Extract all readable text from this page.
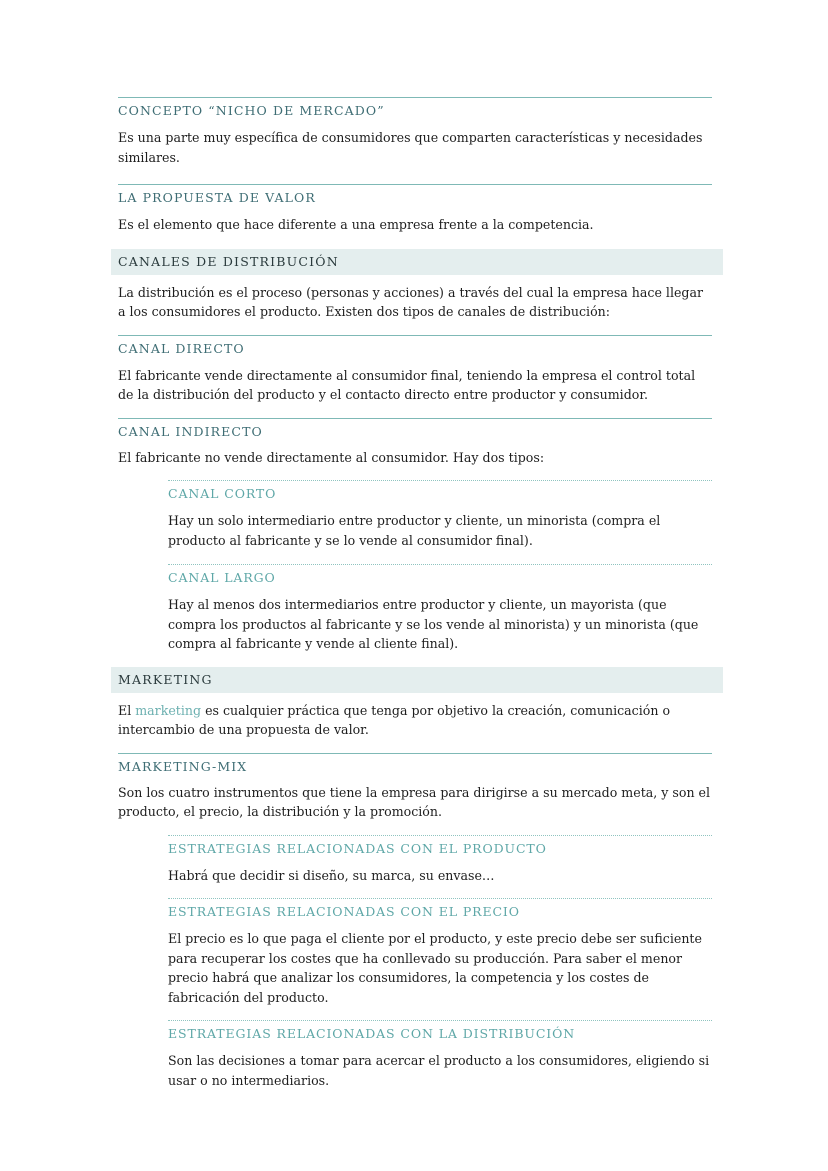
CONCEPTO “NICHO DE MERCADO”
Es una parte muy específica de consumidores que comparten características y necesidades similares.
LA PROPUESTA DE VALOR
Es el elemento que hace diferente a una empresa frente a la competencia.
CANALES DE DISTRIBUCIÓN
La distribución es el proceso (personas y acciones) a través del cual la empresa hace llegar a los consumidores el producto. Existen dos tipos de canales de distribución:
CANAL DIRECTO
El fabricante vende directamente al consumidor final, teniendo la empresa el control total de la distribución del producto y el contacto directo entre productor y consumidor.
CANAL INDIRECTO
El fabricante no vende directamente al consumidor. Hay dos tipos:
CANAL CORTO
Hay un solo intermediario entre productor y cliente, un minorista (compra el producto al fabricante y se lo vende al consumidor final).
CANAL LARGO
Hay al menos dos intermediarios entre productor y cliente, un mayorista (que compra los productos al fabricante y se los vende al minorista) y un minorista (que compra al fabricante y vende al cliente final).
MARKETING
El marketing es cualquier práctica que tenga por objetivo la creación, comunicación o intercambio de una propuesta de valor.
MARKETING-MIX
Son los cuatro instrumentos que tiene la empresa para dirigirse a su mercado meta, y son el producto, el precio, la distribución y la promoción.
ESTRATEGIAS RELACIONADAS CON EL PRODUCTO
Habrá que decidir si diseño, su marca, su envase…
ESTRATEGIAS RELACIONADAS CON EL PRECIO
El precio es lo que paga el cliente por el producto, y este precio debe ser suficiente para recuperar los costes que ha conllevado su producción. Para saber el menor precio habrá que analizar los consumidores, la competencia y los costes de fabricación del producto.
ESTRATEGIAS RELACIONADAS CON LA DISTRIBUCIÓN
Son las decisiones a tomar para acercar el producto a los consumidores, eligiendo si usar o no intermediarios.
